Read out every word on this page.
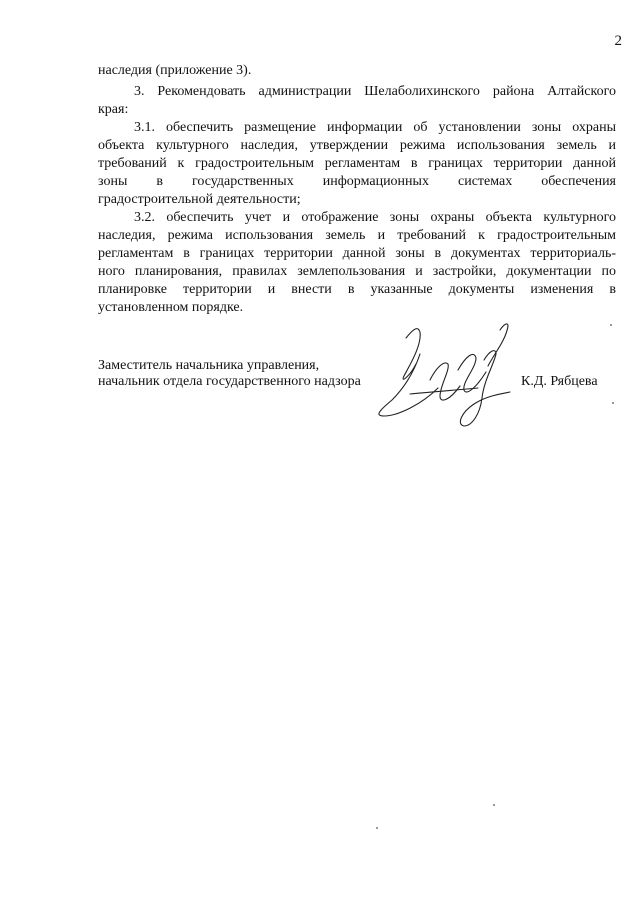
2
наследия (приложение 3).
3. Рекомендовать администрации Шелаболихинского района Алтайского
края:
3.1. обеспечить размещение информации об установлении зоны охраны
объекта культурного наследия, утверждении режима использования земель и
требований к градостроительным регламентам в границах территории данной
зоны в государственных информационных системах обеспечения
градостроительной деятельности;
3.2. обеспечить учет и отображение зоны охраны объекта культурного
наследия, режима использования земель и требований к градостроительным
регламентам в границах территории данной зоны в документах территориаль-
ного планирования, правилах землепользования и застройки, документации по
планировке территории и внести в указанные документы изменения в
установленном порядке.
Заместитель начальника управления,
начальник отдела государственного надзора	К.Д. Рябцева
